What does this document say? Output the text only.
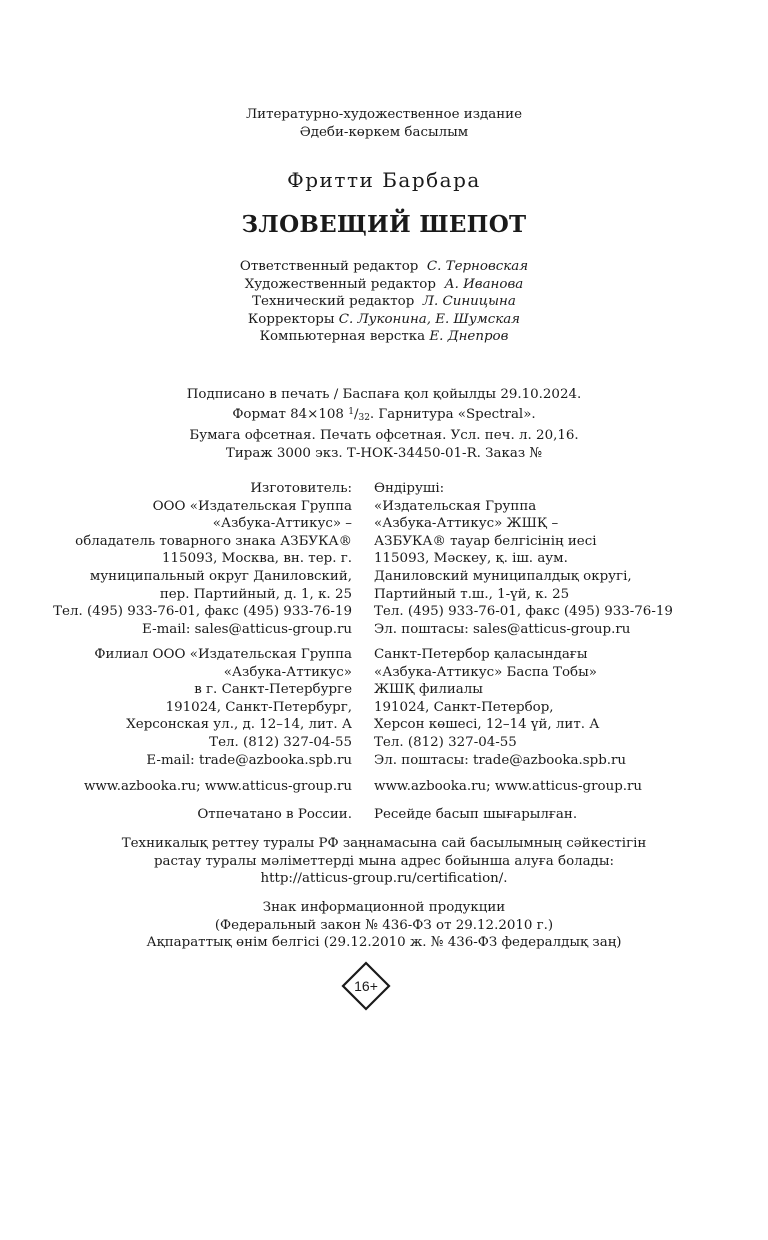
Литературно-художественное издание
Әдеби-көркем басылым
Фритти Барбара
ЗЛОВЕЩИЙ ШЕПОТ
Ответственный редактор С. Терновская
Художественный редактор А. Иванова
Технический редактор Л. Синицына
Корректоры С. Луконина, Е. Шумская
Компьютерная верстка Е. Днепров
Подписано в печать / Баспаға қол қойылды 29.10.2024.
Формат 84×108 $^1/_{32}$. Гарнитура «Spectral».
Бумага офсетная. Печать офсетная. Усл. печ. л. 20,16.
Тираж 3000 экз. Т-НОК-34450-01-R. Заказ №
Изготовитель:
ООО «Издательская Группа
«Азбука-Аттикус» –
обладатель товарного знака АЗБУКА®
115093, Москва, вн. тер. г.
муниципальный округ Даниловский,
пер. Партийный, д. 1, к. 25
Тел. (495) 933-76-01, факс (495) 933-76-19
E-mail: sales@atticus-group.ru
Өндіруші:
«Издательская Группа
«Азбука-Аттикус» ЖШҚ –
АЗБУКА® тауар белгісінің иесі
115093, Мәскеу, қ. іш. аум.
Даниловский муниципалдық округі,
Партийный т.ш., 1-үй, к. 25
Тел. (495) 933-76-01, факс (495) 933-76-19
Эл. поштасы: sales@atticus-group.ru
Филиал ООО «Издательская Группа
«Азбука-Аттикус»
в г. Санкт-Петербурге
191024, Санкт-Петербург,
Херсонская ул., д. 12–14, лит. А
Тел. (812) 327-04-55
E-mail: trade@azbooka.spb.ru
Санкт-Петербор қаласындағы
«Азбука-Аттикус» Баспа Тобы»
ЖШҚ филиалы
191024, Санкт-Петербор,
Херсон көшесі, 12–14 үй, лит. А
Тел. (812) 327-04-55
Эл. поштасы: trade@azbooka.spb.ru
www.azbooka.ru; www.atticus-group.ru www.azbooka.ru; www.atticus-group.ru
Отпечатано в России. Ресейде басып шығарылған.
Техникалық реттеу туралы РФ заңнамасына сай басылымның сәйкестігін
растау туралы мәліметтерді мына адрес бойынша алуға болады:
http://atticus-group.ru/certification/.
Знак информационной продукции
(Федеральный закон № 436-ФЗ от 29.12.2010 г.)
Ақпараттық өнім белгісі (29.12.2010 ж. № 436-ФЗ федералдық заң)
16+
